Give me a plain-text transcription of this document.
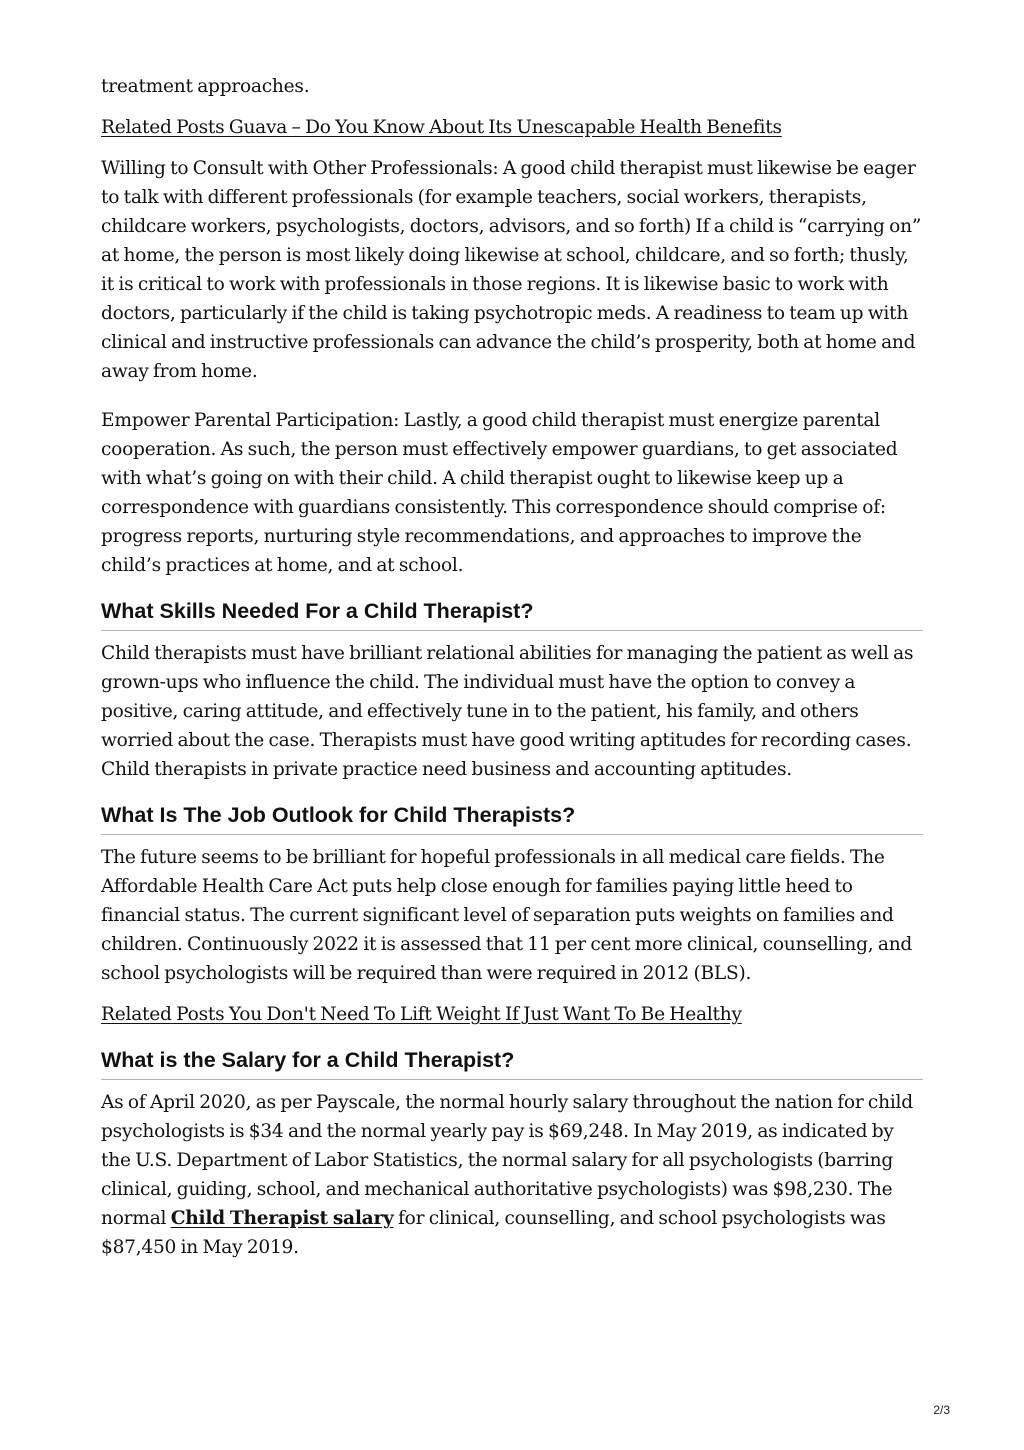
treatment approaches.

Related Posts Guava – Do You Know About Its Unescapable Health Benefits

Willing to Consult with Other Professionals: A good child therapist must likewise be eager to talk with different professionals (for example teachers, social workers, therapists, childcare workers, psychologists, doctors, advisors, and so forth) If a child is “carrying on” at home, the person is most likely doing likewise at school, childcare, and so forth; thusly, it is critical to work with professionals in those regions. It is likewise basic to work with doctors, particularly if the child is taking psychotropic meds. A readiness to team up with clinical and instructive professionals can advance the child’s prosperity, both at home and away from home.

Empower Parental Participation: Lastly, a good child therapist must energize parental cooperation. As such, the person must effectively empower guardians, to get associated with what’s going on with their child. A child therapist ought to likewise keep up a correspondence with guardians consistently. This correspondence should comprise of: progress reports, nurturing style recommendations, and approaches to improve the child’s practices at home, and at school.

What Skills Needed For a Child Therapist?

Child therapists must have brilliant relational abilities for managing the patient as well as grown-ups who influence the child. The individual must have the option to convey a positive, caring attitude, and effectively tune in to the patient, his family, and others worried about the case. Therapists must have good writing aptitudes for recording cases. Child therapists in private practice need business and accounting aptitudes.

What Is The Job Outlook for Child Therapists?

The future seems to be brilliant for hopeful professionals in all medical care fields. The Affordable Health Care Act puts help close enough for families paying little heed to financial status. The current significant level of separation puts weights on families and children. Continuously 2022 it is assessed that 11 per cent more clinical, counselling, and school psychologists will be required than were required in 2012 (BLS).

Related Posts You Don't Need To Lift Weight If Just Want To Be Healthy
What is the Salary for a Child Therapist?

As of April 2020, as per Payscale, the normal hourly salary throughout the nation for child psychologists is $34 and the normal yearly pay is $69,248. In May 2019, as indicated by the U.S. Department of Labor Statistics, the normal salary for all psychologists (barring clinical, guiding, school, and mechanical authoritative psychologists) was $98,230. The normal Child Therapist salary for clinical, counselling, and school psychologists was $87,450 in May 2019.

2/3
